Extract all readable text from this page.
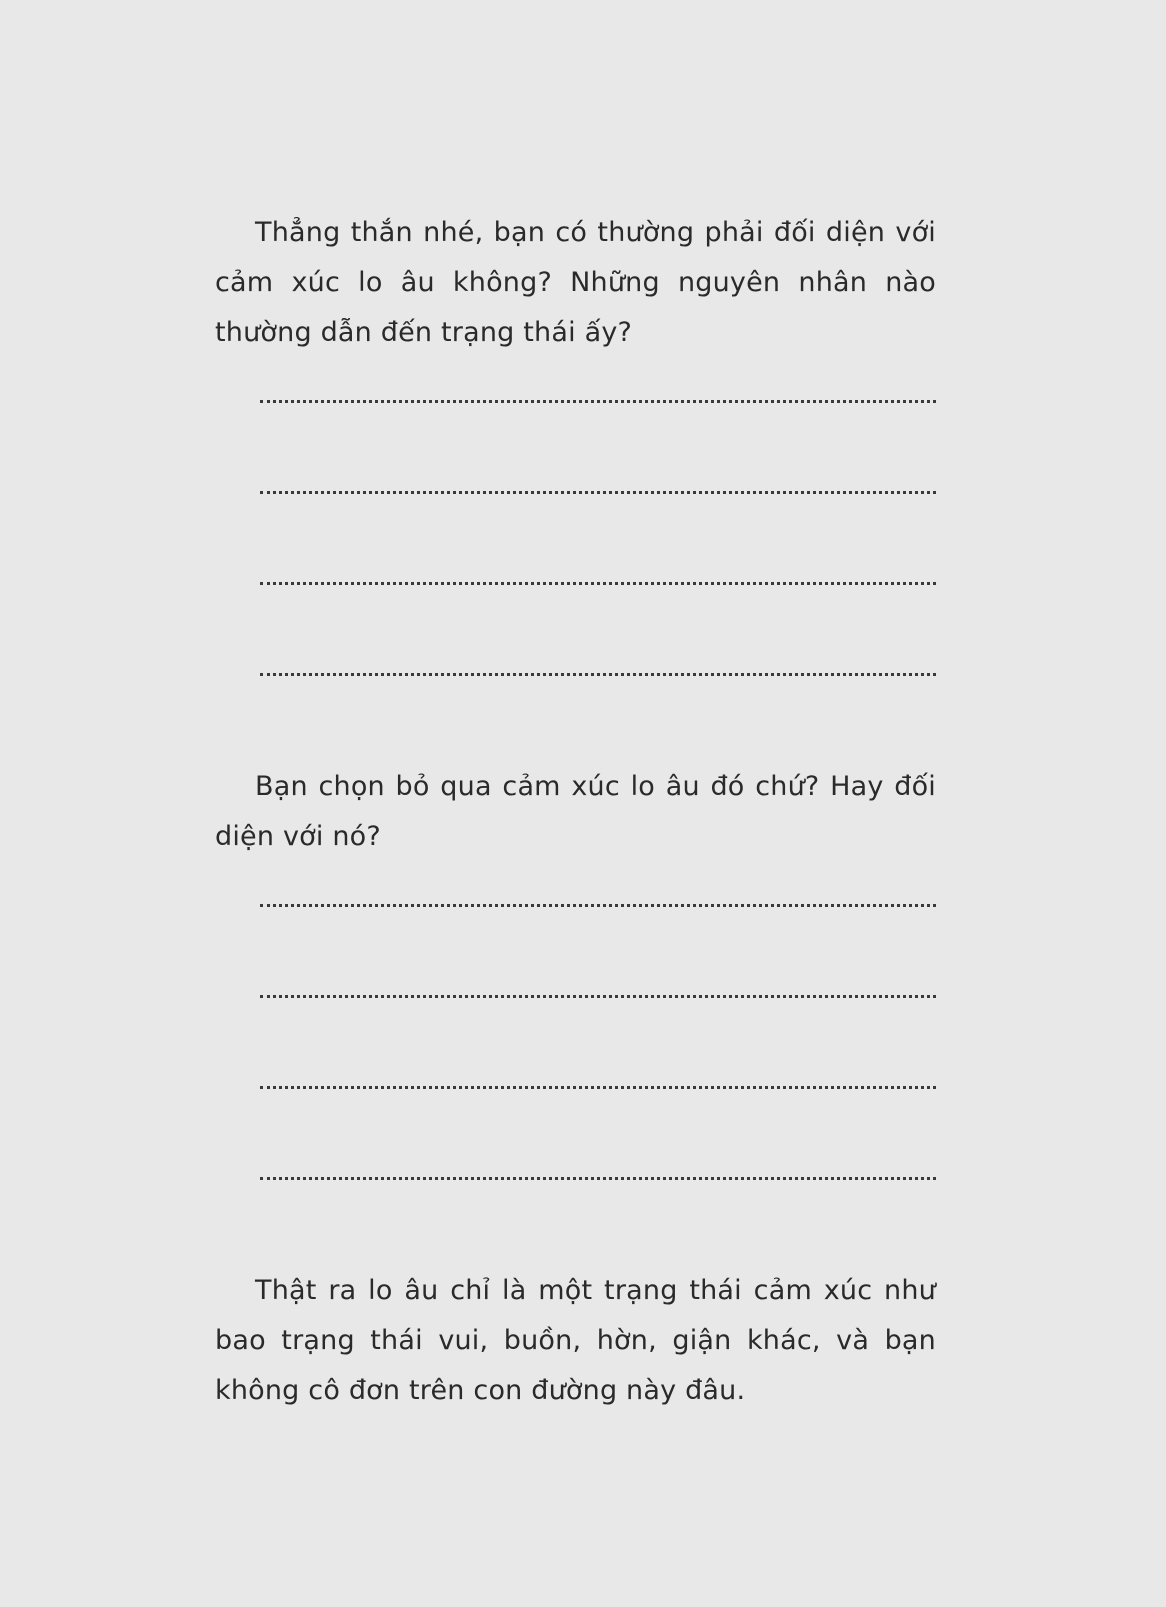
Thẳng thắn nhé, bạn có thường phải đối diện với cảm xúc lo âu không? Những nguyên nhân nào thường dẫn đến trạng thái ấy?

Bạn chọn bỏ qua cảm xúc lo âu đó chứ? Hay đối diện với nó?

Thật ra lo âu chỉ là một trạng thái cảm xúc như bao trạng thái vui, buồn, hờn, giận khác, và bạn không cô đơn trên con đường này đâu.
